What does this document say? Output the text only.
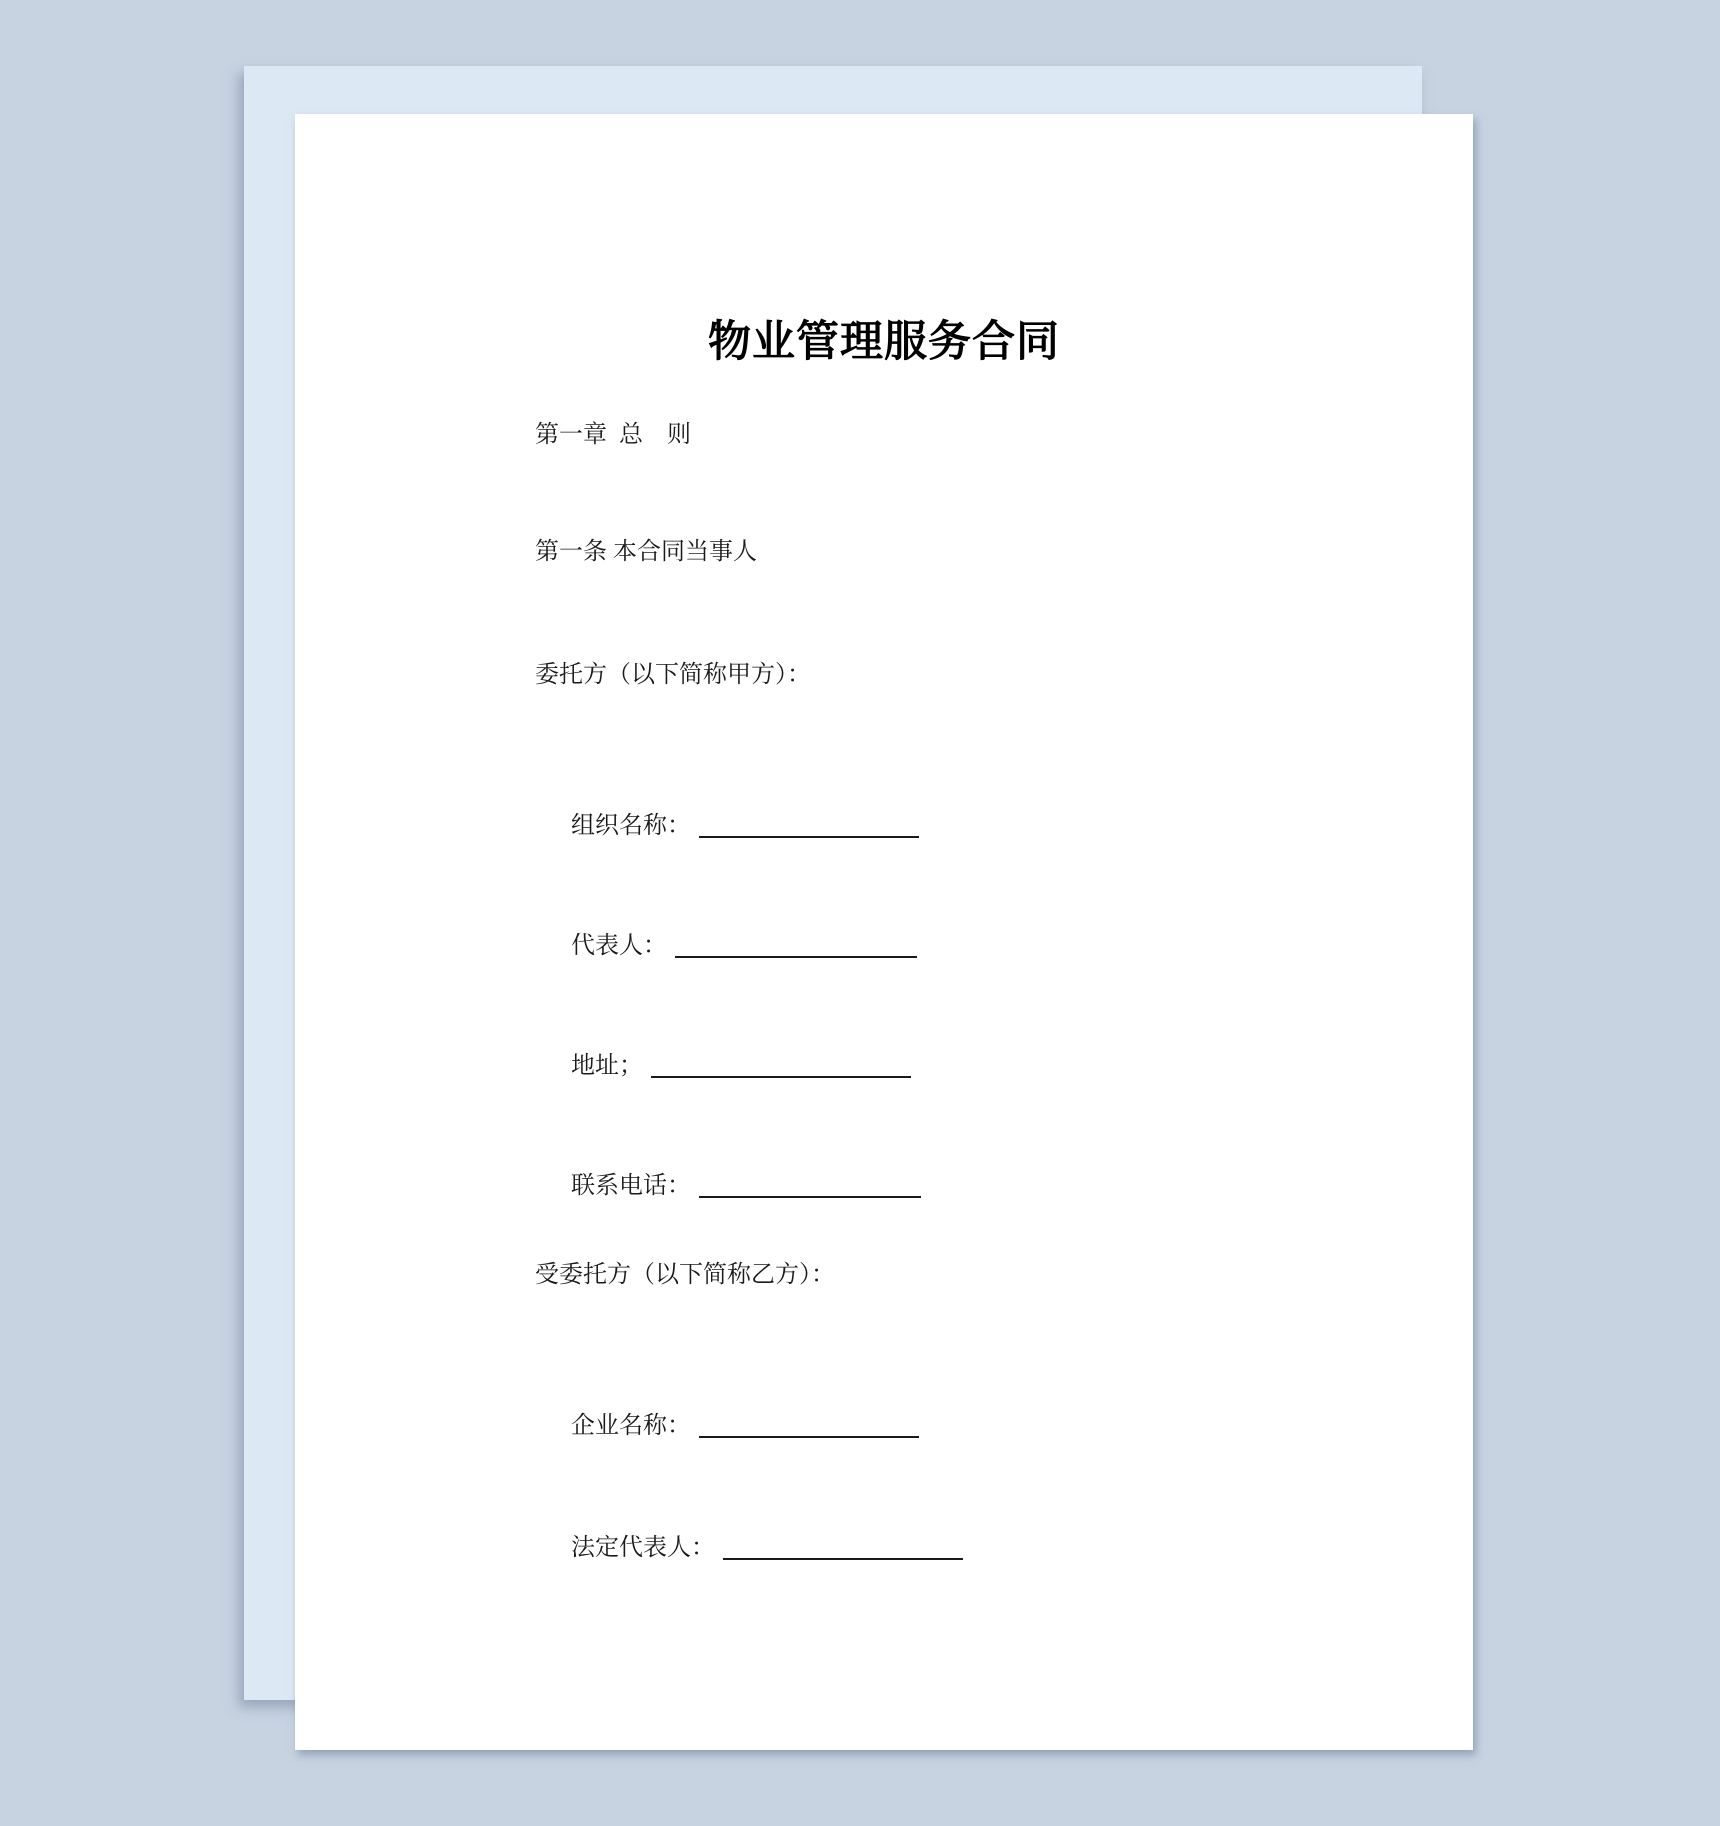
物业管理服务合同
第一章  总　则
第一条 本合同当事人
委托方（以下简称甲方）：

组织名称：

代表人：

地址；

联系电话：

受委托方（以下简称乙方）：

企业名称：

法定代表人：
